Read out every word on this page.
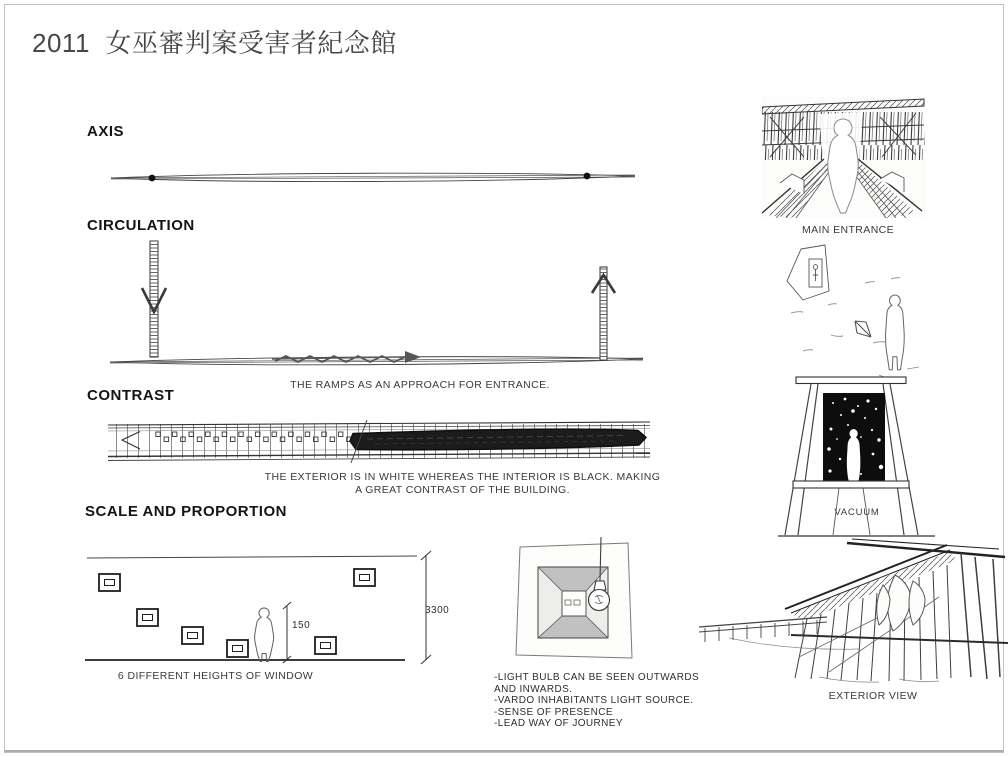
2011  女巫審判案受害者紀念館
AXIS
CIRCULATION
THE RAMPS AS AN APPROACH FOR ENTRANCE.
CONTRAST
THE EXTERIOR IS IN WHITE WHEREAS THE INTERIOR IS BLACK. MAKING
A GREAT CONTRAST OF THE BUILDING.
SCALE AND PROPORTION
150
3300
6 DIFFERENT HEIGHTS OF WINDOW	-LIGHT BULB CAN BE SEEN OUTWARDS AND INWARDS.
-VARDO INHABITANTS LIGHT SOURCE.
-SENSE OF PRESENCE
-LEAD WAY OF JOURNEY
MAIN ENTRANCE
VACUUM
EXTERIOR VIEW
